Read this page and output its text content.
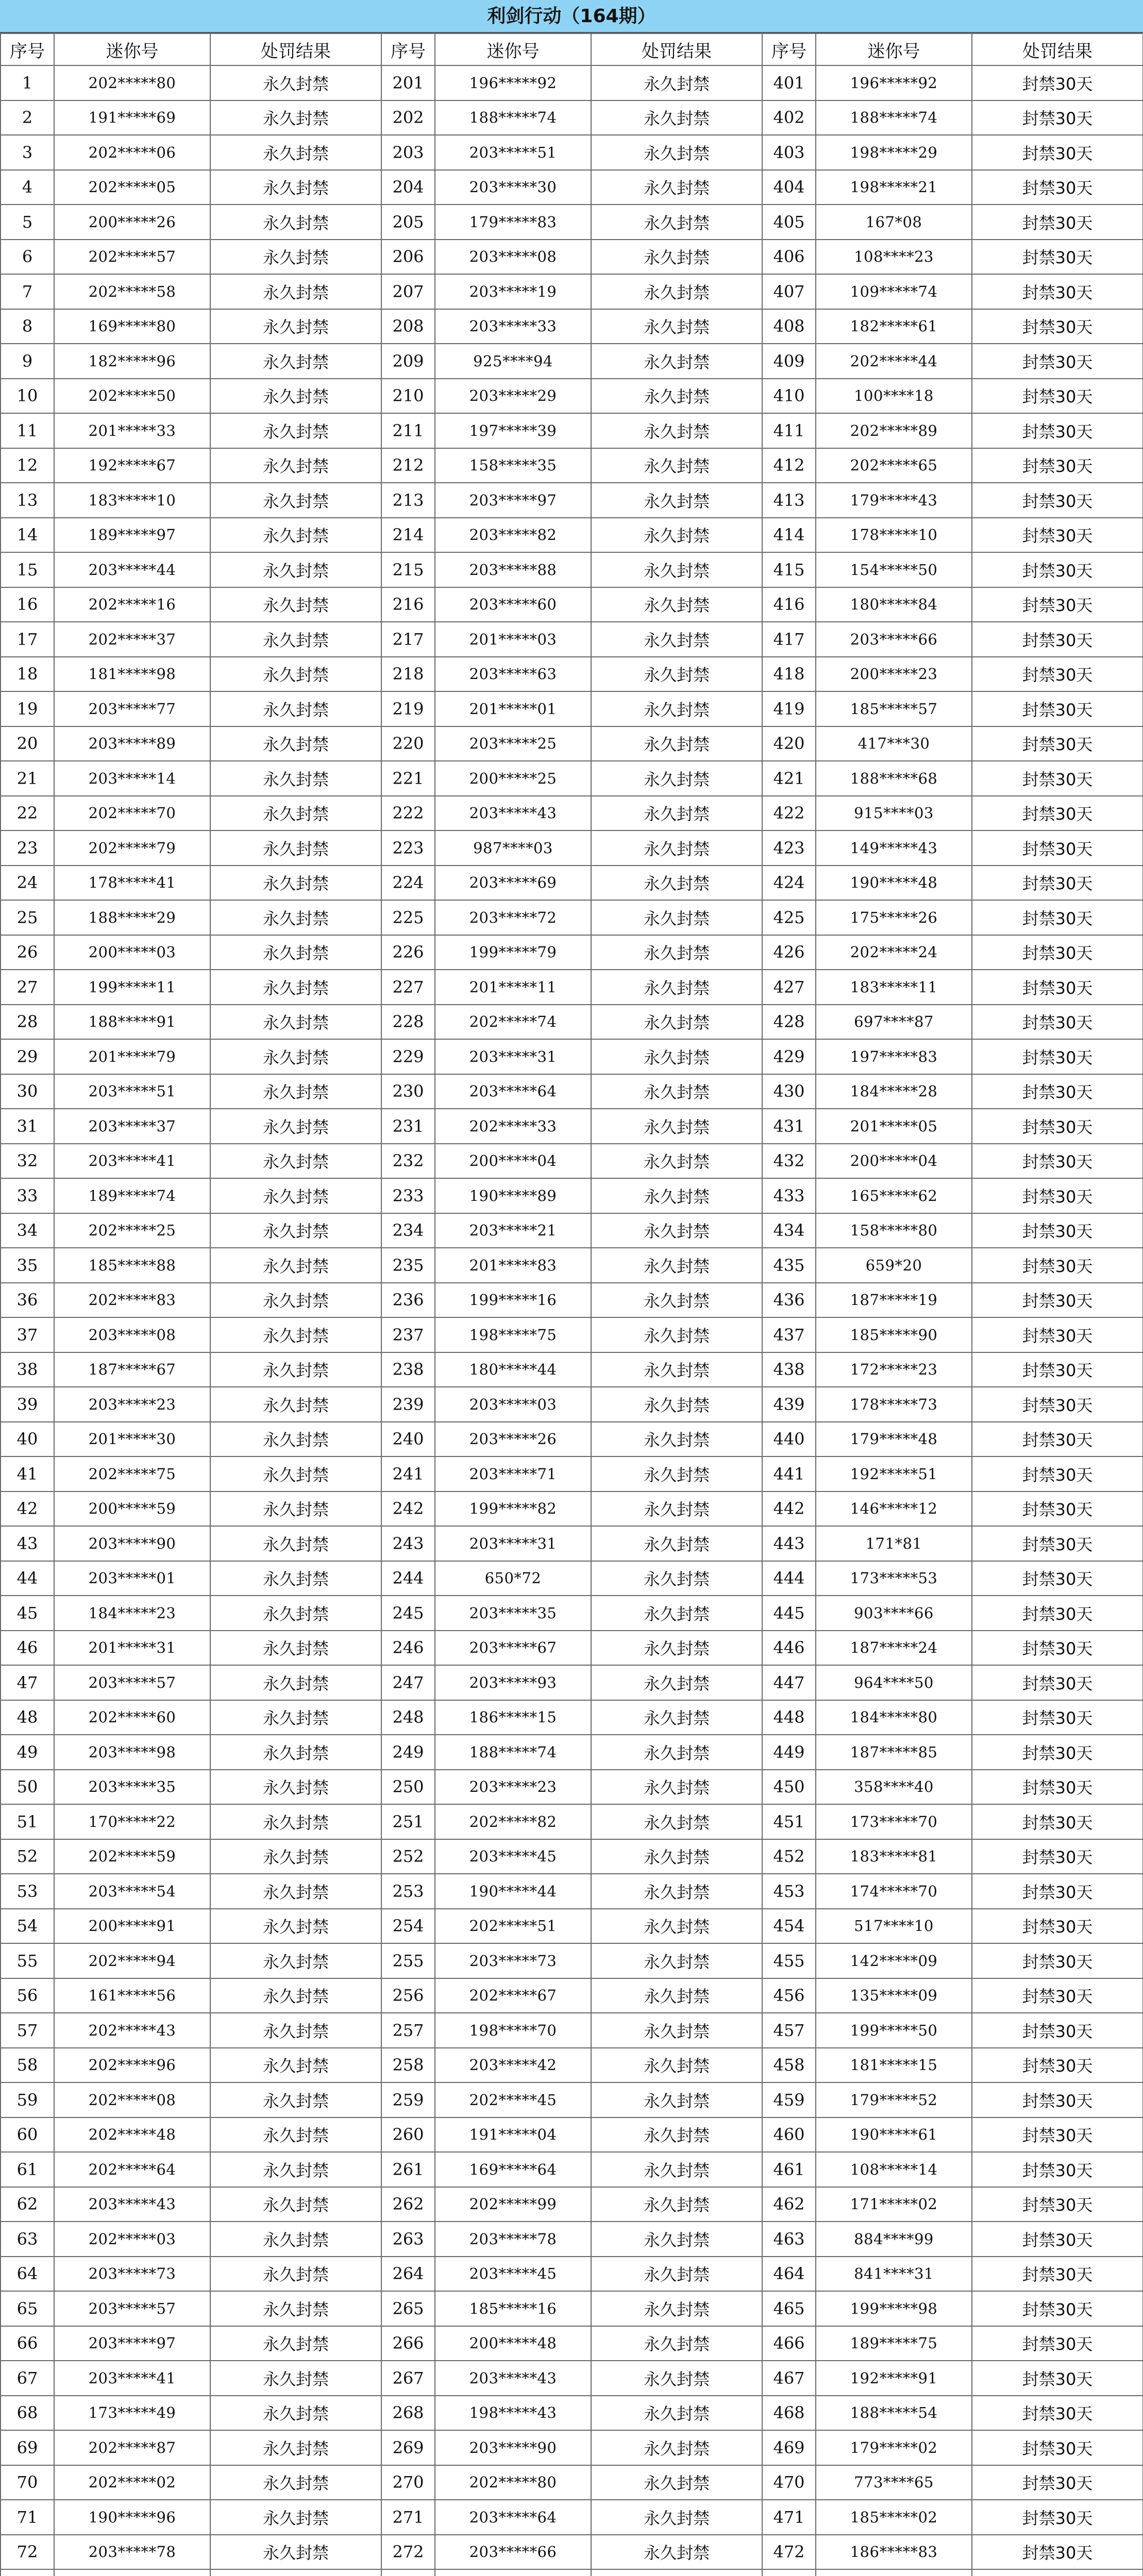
利剑行动（164期）
序号	迷你号	处罚结果	序号	迷你号	处罚结果	序号	迷你号	处罚结果
1	202*****80	永久封禁	201	196*****92	永久封禁	401	196*****92	封禁30天
2	191*****69	永久封禁	202	188*****74	永久封禁	402	188*****74	封禁30天
3	202*****06	永久封禁	203	203*****51	永久封禁	403	198*****29	封禁30天
4	202*****05	永久封禁	204	203*****30	永久封禁	404	198*****21	封禁30天
5	200*****26	永久封禁	205	179*****83	永久封禁	405	167*08	封禁30天
6	202*****57	永久封禁	206	203*****08	永久封禁	406	108****23	封禁30天
7	202*****58	永久封禁	207	203*****19	永久封禁	407	109*****74	封禁30天
8	169*****80	永久封禁	208	203*****33	永久封禁	408	182*****61	封禁30天
9	182*****96	永久封禁	209	925****94	永久封禁	409	202*****44	封禁30天
10	202*****50	永久封禁	210	203*****29	永久封禁	410	100****18	封禁30天
11	201*****33	永久封禁	211	197*****39	永久封禁	411	202*****89	封禁30天
12	192*****67	永久封禁	212	158*****35	永久封禁	412	202*****65	封禁30天
13	183*****10	永久封禁	213	203*****97	永久封禁	413	179*****43	封禁30天
14	189*****97	永久封禁	214	203*****82	永久封禁	414	178*****10	封禁30天
15	203*****44	永久封禁	215	203*****88	永久封禁	415	154*****50	封禁30天
16	202*****16	永久封禁	216	203*****60	永久封禁	416	180*****84	封禁30天
17	202*****37	永久封禁	217	201*****03	永久封禁	417	203*****66	封禁30天
18	181*****98	永久封禁	218	203*****63	永久封禁	418	200*****23	封禁30天
19	203*****77	永久封禁	219	201*****01	永久封禁	419	185*****57	封禁30天
20	203*****89	永久封禁	220	203*****25	永久封禁	420	417***30	封禁30天
21	203*****14	永久封禁	221	200*****25	永久封禁	421	188*****68	封禁30天
22	202*****70	永久封禁	222	203*****43	永久封禁	422	915****03	封禁30天
23	202*****79	永久封禁	223	987****03	永久封禁	423	149*****43	封禁30天
24	178*****41	永久封禁	224	203*****69	永久封禁	424	190*****48	封禁30天
25	188*****29	永久封禁	225	203*****72	永久封禁	425	175*****26	封禁30天
26	200*****03	永久封禁	226	199*****79	永久封禁	426	202*****24	封禁30天
27	199*****11	永久封禁	227	201*****11	永久封禁	427	183*****11	封禁30天
28	188*****91	永久封禁	228	202*****74	永久封禁	428	697****87	封禁30天
29	201*****79	永久封禁	229	203*****31	永久封禁	429	197*****83	封禁30天
30	203*****51	永久封禁	230	203*****64	永久封禁	430	184*****28	封禁30天
31	203*****37	永久封禁	231	202*****33	永久封禁	431	201*****05	封禁30天
32	203*****41	永久封禁	232	200*****04	永久封禁	432	200*****04	封禁30天
33	189*****74	永久封禁	233	190*****89	永久封禁	433	165*****62	封禁30天
34	202*****25	永久封禁	234	203*****21	永久封禁	434	158*****80	封禁30天
35	185*****88	永久封禁	235	201*****83	永久封禁	435	659*20	封禁30天
36	202*****83	永久封禁	236	199*****16	永久封禁	436	187*****19	封禁30天
37	203*****08	永久封禁	237	198*****75	永久封禁	437	185*****90	封禁30天
38	187*****67	永久封禁	238	180*****44	永久封禁	438	172*****23	封禁30天
39	203*****23	永久封禁	239	203*****03	永久封禁	439	178*****73	封禁30天
40	201*****30	永久封禁	240	203*****26	永久封禁	440	179*****48	封禁30天
41	202*****75	永久封禁	241	203*****71	永久封禁	441	192*****51	封禁30天
42	200*****59	永久封禁	242	199*****82	永久封禁	442	146*****12	封禁30天
43	203*****90	永久封禁	243	203*****31	永久封禁	443	171*81	封禁30天
44	203*****01	永久封禁	244	650*72	永久封禁	444	173*****53	封禁30天
45	184*****23	永久封禁	245	203*****35	永久封禁	445	903****66	封禁30天
46	201*****31	永久封禁	246	203*****67	永久封禁	446	187*****24	封禁30天
47	203*****57	永久封禁	247	203*****93	永久封禁	447	964****50	封禁30天
48	202*****60	永久封禁	248	186*****15	永久封禁	448	184*****80	封禁30天
49	203*****98	永久封禁	249	188*****74	永久封禁	449	187*****85	封禁30天
50	203*****35	永久封禁	250	203*****23	永久封禁	450	358****40	封禁30天
51	170*****22	永久封禁	251	202*****82	永久封禁	451	173*****70	封禁30天
52	202*****59	永久封禁	252	203*****45	永久封禁	452	183*****81	封禁30天
53	203*****54	永久封禁	253	190*****44	永久封禁	453	174*****70	封禁30天
54	200*****91	永久封禁	254	202*****51	永久封禁	454	517****10	封禁30天
55	202*****94	永久封禁	255	203*****73	永久封禁	455	142*****09	封禁30天
56	161*****56	永久封禁	256	202*****67	永久封禁	456	135*****09	封禁30天
57	202*****43	永久封禁	257	198*****70	永久封禁	457	199*****50	封禁30天
58	202*****96	永久封禁	258	203*****42	永久封禁	458	181*****15	封禁30天
59	202*****08	永久封禁	259	202*****45	永久封禁	459	179*****52	封禁30天
60	202*****48	永久封禁	260	191*****04	永久封禁	460	190*****61	封禁30天
61	202*****64	永久封禁	261	169*****64	永久封禁	461	108*****14	封禁30天
62	203*****43	永久封禁	262	202*****99	永久封禁	462	171*****02	封禁30天
63	202*****03	永久封禁	263	203*****78	永久封禁	463	884****99	封禁30天
64	203*****73	永久封禁	264	203*****45	永久封禁	464	841****31	封禁30天
65	203*****57	永久封禁	265	185*****16	永久封禁	465	199*****98	封禁30天
66	203*****97	永久封禁	266	200*****48	永久封禁	466	189*****75	封禁30天
67	203*****41	永久封禁	267	203*****43	永久封禁	467	192*****91	封禁30天
68	173*****49	永久封禁	268	198*****43	永久封禁	468	188*****54	封禁30天
69	202*****87	永久封禁	269	203*****90	永久封禁	469	179*****02	封禁30天
70	202*****02	永久封禁	270	202*****80	永久封禁	470	773****65	封禁30天
71	190*****96	永久封禁	271	203*****64	永久封禁	471	185*****02	封禁30天
72	203*****78	永久封禁	272	203*****66	永久封禁	472	186*****83	封禁30天
